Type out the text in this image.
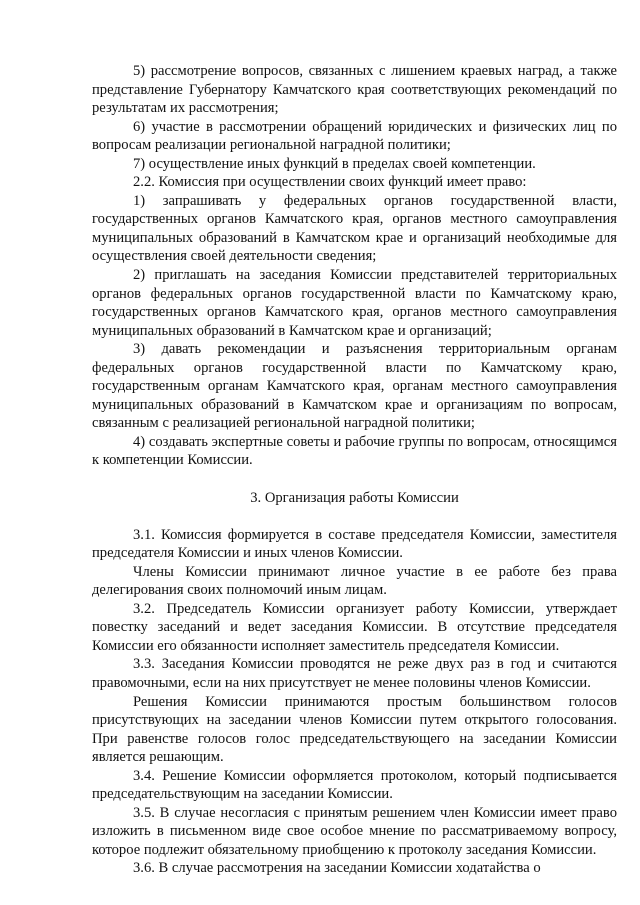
5) рассмотрение вопросов, связанных с лишением краевых наград, а также представление Губернатору Камчатского края соответствующих рекомендаций по результатам их рассмотрения;

6) участие в рассмотрении обращений юридических и физических лиц по вопросам реализации региональной наградной политики;

7) осуществление иных функций в пределах своей компетенции.

2.2. Комиссия при осуществлении своих функций имеет право:

1) запрашивать у федеральных органов государственной власти, государственных органов Камчатского края, органов местного самоуправления муниципальных образований в Камчатском крае и организаций необходимые для осуществления своей деятельности сведения;

2) приглашать на заседания Комиссии представителей территориальных органов федеральных органов государственной власти по Камчатскому краю, государственных органов Камчатского края, органов местного самоуправления муниципальных образований в Камчатском крае и организаций;

3) давать рекомендации и разъяснения территориальным органам федеральных органов государственной власти по Камчатскому краю, государственным органам Камчатского края, органам местного самоуправления муниципальных образований в Камчатском крае и организациям по вопросам, связанным с реализацией региональной наградной политики;

4) создавать экспертные советы и рабочие группы по вопросам, относящимся к компетенции Комиссии.

3. Организация работы Комиссии

3.1. Комиссия формируется в составе председателя Комиссии, заместителя председателя Комиссии и иных членов Комиссии.

Члены Комиссии принимают личное участие в ее работе без права делегирования своих полномочий иным лицам.

3.2. Председатель Комиссии организует работу Комиссии, утверждает повестку заседаний и ведет заседания Комиссии. В отсутствие председателя Комиссии его обязанности исполняет заместитель председателя Комиссии.

3.3. Заседания Комиссии проводятся не реже двух раз в год и считаются правомочными, если на них присутствует не менее половины членов Комиссии.

Решения Комиссии принимаются простым большинством голосов присутствующих на заседании членов Комиссии путем открытого голосования. При равенстве голосов голос председательствующего на заседании Комиссии является решающим.

3.4. Решение Комиссии оформляется протоколом, который подписывается председательствующим на заседании Комиссии.

3.5. В случае несогласия с принятым решением член Комиссии имеет право изложить в письменном виде свое особое мнение по рассматриваемому вопросу, которое подлежит обязательному приобщению к протоколу заседания Комиссии.

3.6. В случае рассмотрения на заседании Комиссии ходатайства о
